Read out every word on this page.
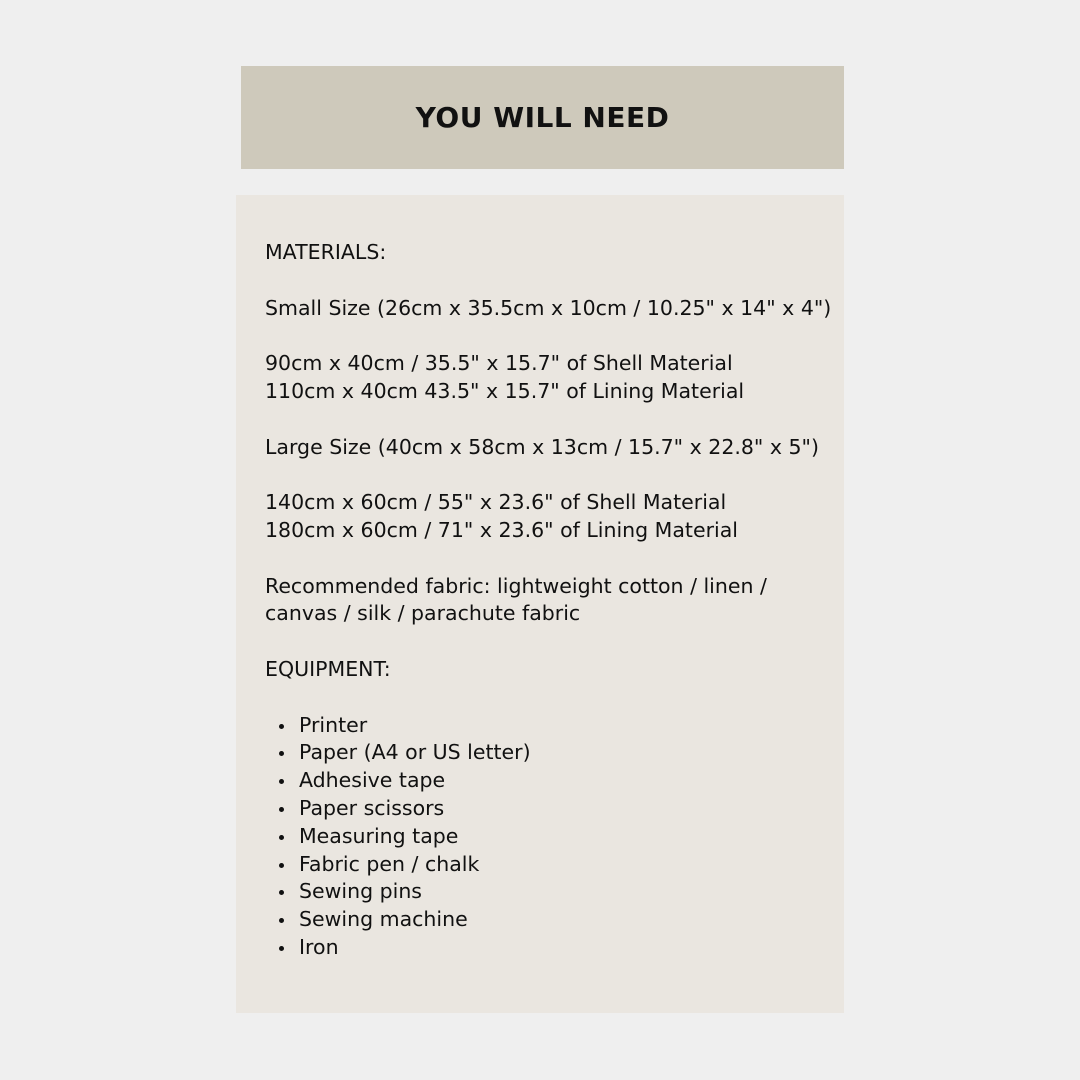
YOU WILL NEED

MATERIALS:

Small Size (26cm x 35.5cm x 10cm / 10.25" x 14" x 4")

90cm x 40cm / 35.5" x 15.7" of Shell Material

110cm x 40cm 43.5" x 15.7" of Lining Material

Large Size (40cm x 58cm x 13cm / 15.7" x 22.8" x 5")

140cm x 60cm / 55" x 23.6" of Shell Material

180cm x 60cm / 71" x 23.6" of Lining Material

Recommended fabric: lightweight cotton / linen /

canvas / silk / parachute fabric

EQUIPMENT:

Printer
Paper (A4 or US letter)
Adhesive tape
Paper scissors
Measuring tape
Fabric pen / chalk
Sewing pins
Sewing machine
Iron
